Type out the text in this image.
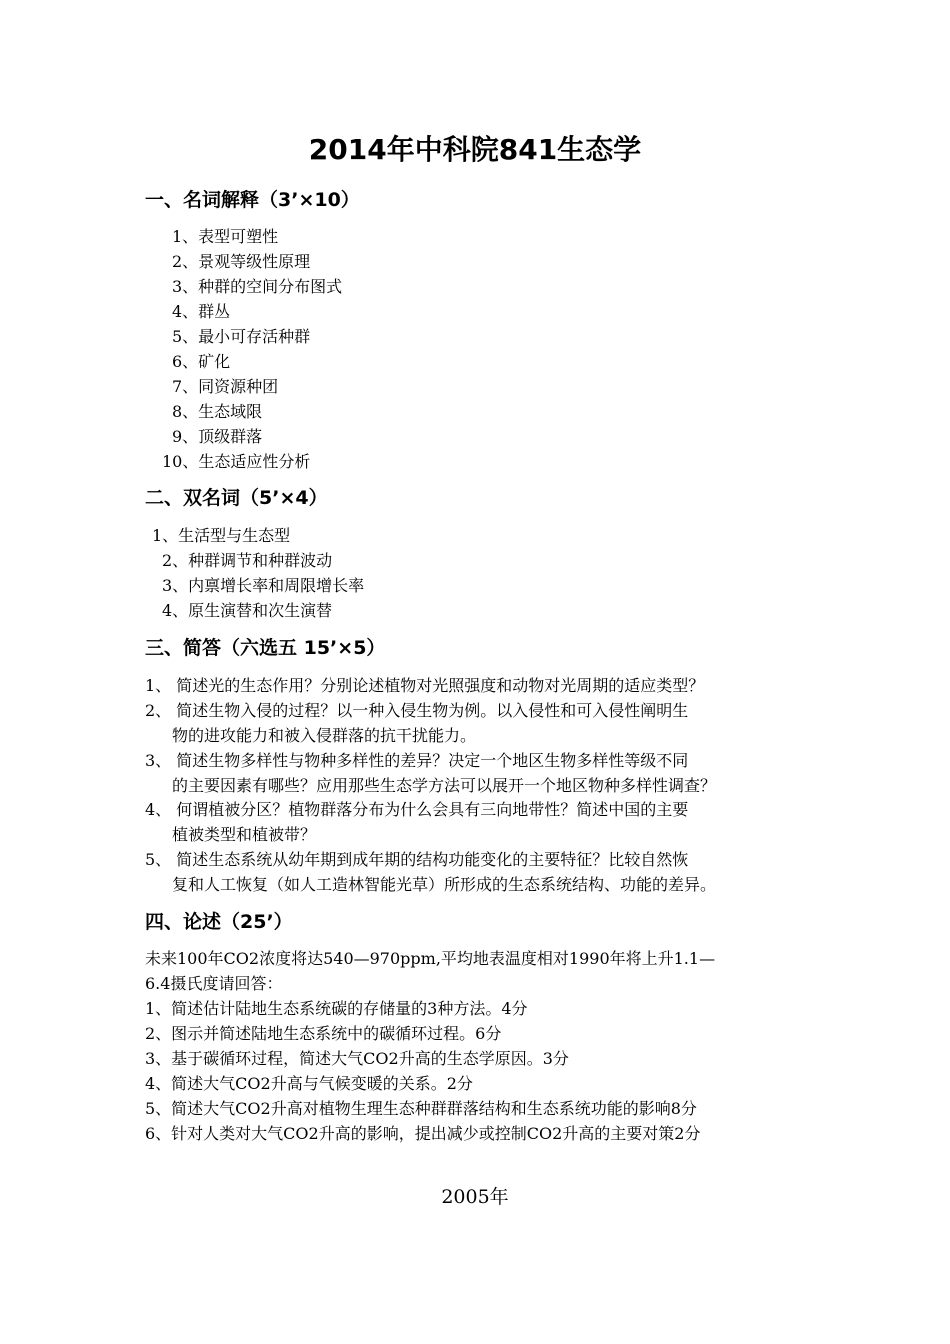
2014年中科院841生态学
一、名词解释（3’×10）
1、表型可塑性
2、景观等级性原理
3、种群的空间分布图式
4、群丛
5、最小可存活种群
6、矿化
7、同资源种团
8、生态域限
9、顶级群落
10、生态适应性分析
二、双名词（5’×4）
1、生活型与生态型
2、种群调节和种群波动
3、内禀增长率和周限增长率
4、原生演替和次生演替
三、简答（六选五 15’×5）
1、 简述光的生态作用？分别论述植物对光照强度和动物对光周期的适应类型？
2、 简述生物入侵的过程？以一种入侵生物为例。以入侵性和可入侵性阐明生
物的进攻能力和被入侵群落的抗干扰能力。
3、 简述生物多样性与物种多样性的差异？决定一个地区生物多样性等级不同
的主要因素有哪些？应用那些生态学方法可以展开一个地区物种多样性调查？
4、 何谓植被分区？植物群落分布为什么会具有三向地带性？简述中国的主要
植被类型和植被带？
5、 简述生态系统从幼年期到成年期的结构功能变化的主要特征？比较自然恢
复和人工恢复（如人工造林智能光草）所形成的生态系统结构、功能的差异。
四、论述（25’）
未来100年CO2浓度将达540—970ppm,平均地表温度相对1990年将上升1.1—
6.4摄氏度请回答：
1、简述估计陆地生态系统碳的存储量的3种方法。4分
2、图示并简述陆地生态系统中的碳循环过程。6分
3、基于碳循环过程，简述大气CO2升高的生态学原因。3分
4、简述大气CO2升高与气候变暖的关系。2分
5、简述大气CO2升高对植物生理生态种群群落结构和生态系统功能的影响8分
6、针对人类对大气CO2升高的影响，提出减少或控制CO2升高的主要对策2分
2005年
